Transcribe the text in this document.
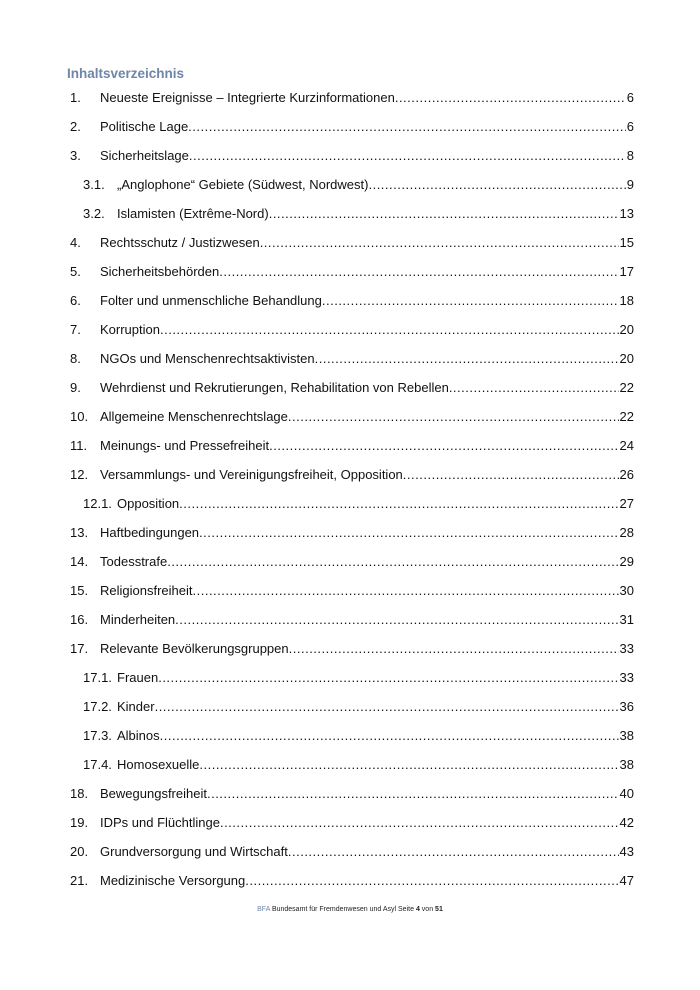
Inhaltsverzeichnis
1.	Neueste Ereignisse – Integrierte Kurzinformationen .....	6
2.	Politische Lage .....	6
3.	Sicherheitslage .....	8
3.1. „Anglophone“ Gebiete (Südwest, Nordwest) .....	9
3.2. Islamisten (Extrême-Nord) .....	13
4.	Rechtsschutz / Justizwesen .....	15
5.	Sicherheitsbehörden .....	17
6.	Folter und unmenschliche Behandlung .....	18
7.	Korruption .....	20
8.	NGOs und Menschenrechtsaktivisten .....	20
9.	Wehrdienst und Rekrutierungen, Rehabilitation von Rebellen .....	22
10. Allgemeine Menschenrechtslage .....	22
11. Meinungs- und Pressefreiheit .....	24
12. Versammlungs- und Vereinigungsfreiheit, Opposition .....	26
12.1. Opposition .....	27
13. Haftbedingungen .....	28
14. Todesstrafe .....	29
15. Religionsfreiheit .....	30
16. Minderheiten .....	31
17. Relevante Bevölkerungsgruppen .....	33
17.1. Frauen .....	33
17.2. Kinder .....	36
17.3. Albinos .....	38
17.4. Homosexuelle .....	38
18. Bewegungsfreiheit .....	40
19. IDPs und Flüchtlinge .....	42
20. Grundversorgung und Wirtschaft .....	43
21. Medizinische Versorgung .....	47
BFA Bundesamt für Fremdenwesen und Asyl Seite 4 von 51
